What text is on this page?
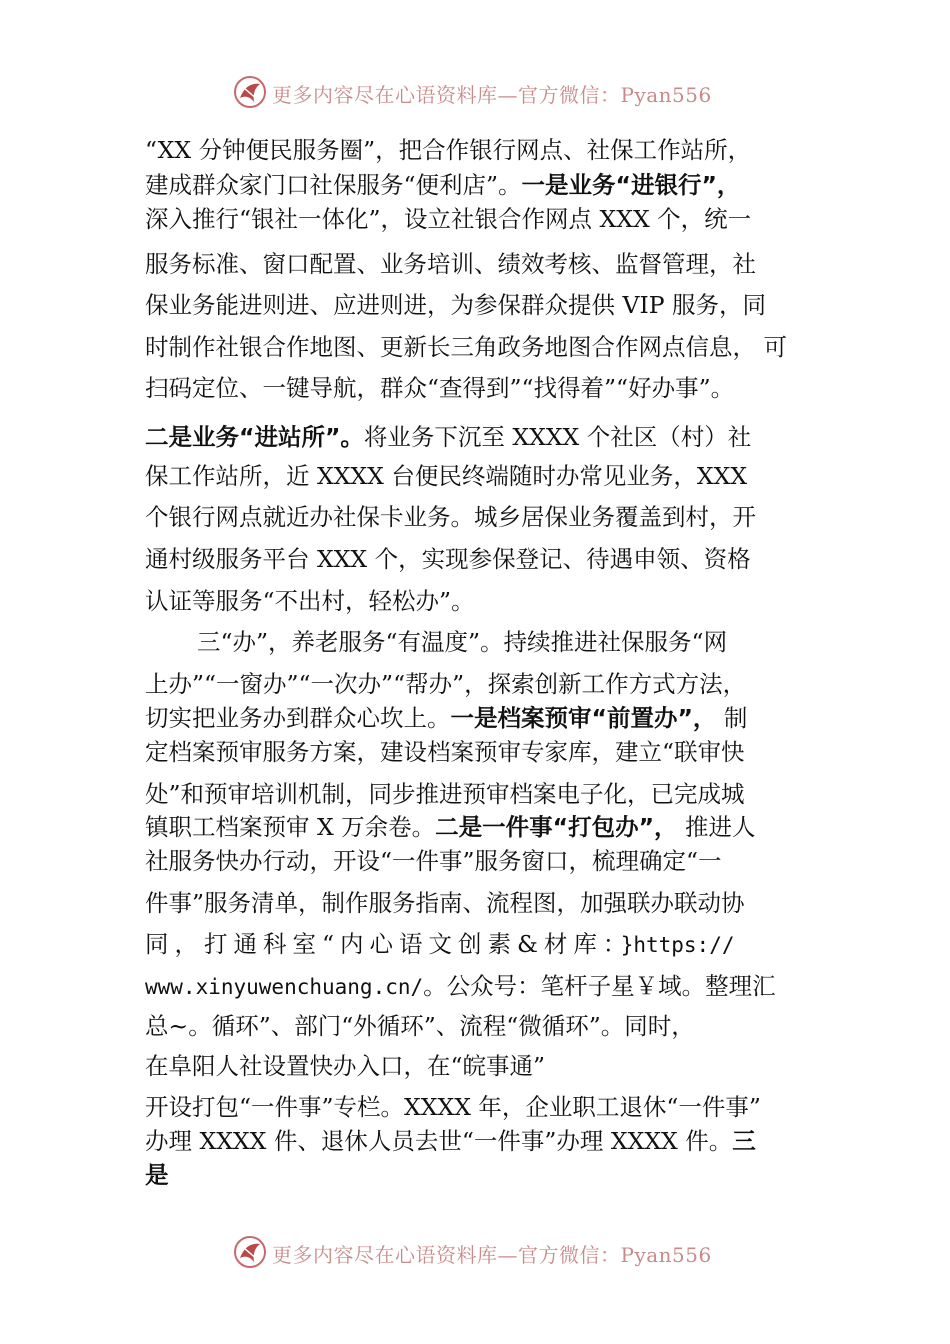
更多内容尽在心语资料库—官方微信：Pyan556
“XX 分钟便民服务圈”，把合作银行网点、社保工作站所，
建成群众家门口社保服务“便利店”。一是业务“进银行”，
深入推行“银社一体化”，设立社银合作网点 XXX 个，统一
服务标准、窗口配置、业务培训、绩效考核、监督管理，社
保业务能进则进、应进则进，为参保群众提供 VIP 服务，同
时制作社银合作地图、更新长三角政务地图合作网点信息， 可
扫码定位、一键导航，群众“查得到”“找得着”“好办事”。
二是业务“进站所”。将业务下沉至 XXXX 个社区（村）社
保工作站所，近 XXXX 台便民终端随时办常见业务，XXX
个银行网点就近办社保卡业务。城乡居保业务覆盖到村，开
通村级服务平台 XXX 个，实现参保登记、待遇申领、资格
认证等服务“不出村，轻松办”。
三“办”，养老服务“有温度”。持续推进社保服务“网
上办”“一窗办”“一次办”“帮办”，探索创新工作方式方法，
切实把业务办到群众心坎上。一是档案预审“前置办”， 制
定档案预审服务方案，建设档案预审专家库，建立“联审快
处”和预审培训机制，同步推进预审档案电子化，已完成城
镇职工档案预审 X 万余卷。二是一件事“打包办”， 推进人
社服务快办行动，开设“一件事”服务窗口，梳理确定“一
件事”服务清单，制作服务指南、流程图，加强联办联动协
同，打通科室“内心语文创素&材库：}https://
www.xinyuwenchuang.cn/。公众号：笔杆子星￥域。整理汇
总~。循环”、部门“外循环”、流程“微循环”。同时，
在阜阳人社设置快办入口，在“皖事通”
开设打包“一件事”专栏。XXXX 年，企业职工退休“一件事”
办理 XXXX 件、退休人员去世“一件事”办理 XXXX 件。三
是
更多内容尽在心语资料库—官方微信：Pyan556
